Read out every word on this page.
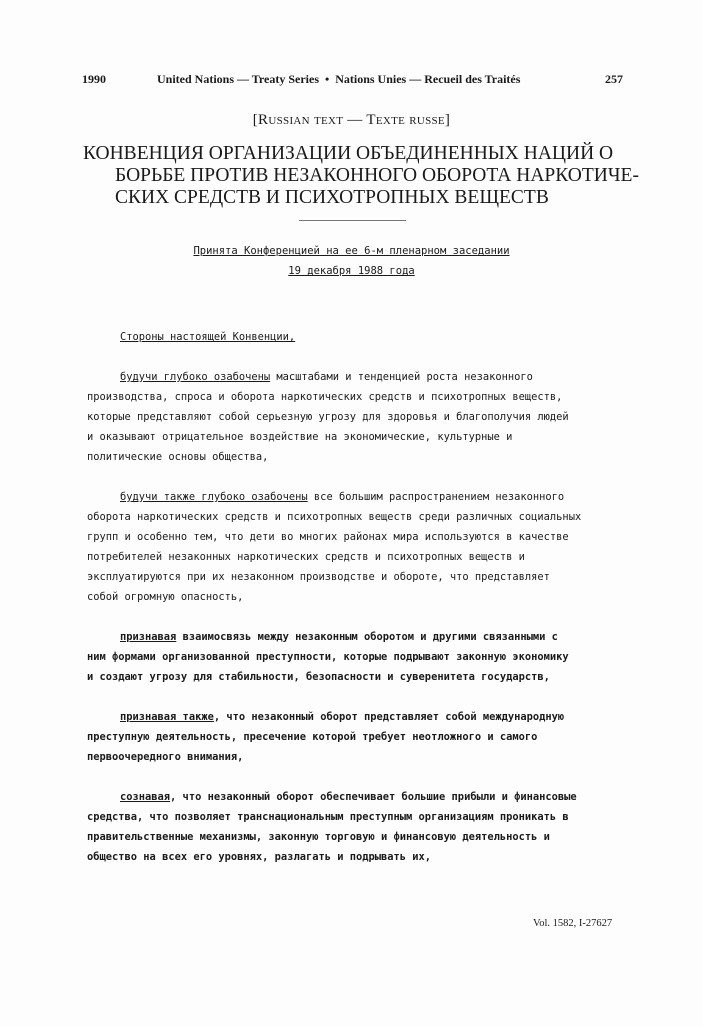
1990	United Nations — Treaty Series  •  Nations Unies — Recueil des Traités	257
[Russian text — Texte russe]
КОНВЕНЦИЯ ОРГАНИЗАЦИИ ОБЪЕДИНЕННЫХ НАЦИЙ О
БОРЬБЕ ПРОТИВ НЕЗАКОННОГО ОБОРОТА НАРКОТИЧЕ-
СКИХ СРЕДСТВ И ПСИХОТРОПНЫХ ВЕЩЕСТВ
Принята Конференцией на ее 6-м пленарном заседании
19 декабря 1988 года
Стороны настоящей Конвенции,
будучи глубоко озабочены масштабами и тенденцией роста незаконного
производства, спроса и оборота наркотических средств и психотропных веществ,
которые представляют собой серьезную угрозу для здоровья и благополучия людей
и оказывают отрицательное воздействие на экономические, культурные и
политические основы общества,
будучи также глубоко озабочены все большим распространением незаконного
оборота наркотических средств и психотропных веществ среди различных социальных
групп и особенно тем, что дети во многих районах мира используются в качестве
потребителей незаконных наркотических средств и психотропных веществ и
эксплуатируются при их незаконном производстве и обороте, что представляет
собой огромную опасность,
признавая взаимосвязь между незаконным оборотом и другими связанными с
ним формами организованной преступности, которые подрывают законную экономику
и создают угрозу для стабильности, безопасности и суверенитета государств,
признавая также, что незаконный оборот представляет собой международную
преступную деятельность, пресечение которой требует неотложного и самого
первоочередного внимания,
сознавая, что незаконный оборот обеспечивает большие прибыли и финансовые
средства, что позволяет транснациональным преступным организациям проникать в
правительственные механизмы, законную торговую и финансовую деятельность и
общество на всех его уровнях, разлагать и подрывать их,
Vol. 1582, I-27627
